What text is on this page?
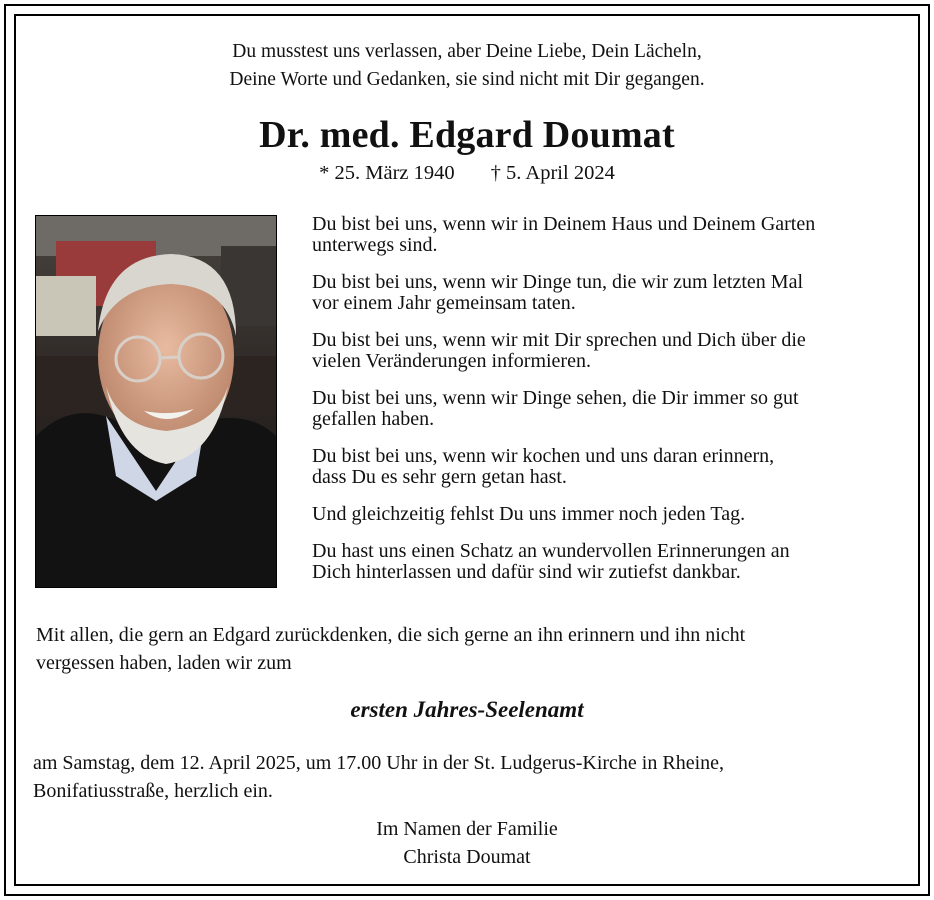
Du musstest uns verlassen, aber Deine Liebe, Dein Lächeln,
Deine Worte und Gedanken, sie sind nicht mit Dir gegangen.
Dr. med. Edgard Doumat
* 25. März 1940 † 5. April 2024

Du bist bei uns, wenn wir in Deinem Haus und Deinem Garten
unterwegs sind.

Du bist bei uns, wenn wir Dinge tun, die wir zum letzten Mal
vor einem Jahr gemeinsam taten.

Du bist bei uns, wenn wir mit Dir sprechen und Dich über die
vielen Veränderungen informieren.

Du bist bei uns, wenn wir Dinge sehen, die Dir immer so gut
gefallen haben.

Du bist bei uns, wenn wir kochen und uns daran erinnern,
dass Du es sehr gern getan hast.

Und gleichzeitig fehlst Du uns immer noch jeden Tag.

Du hast uns einen Schatz an wundervollen Erinnerungen an
Dich hinterlassen und dafür sind wir zutiefst dankbar.

Mit allen, die gern an Edgard zurückdenken, die sich gerne an ihn erinnern und ihn nicht
vergessen haben, laden wir zum
ersten Jahres-Seelenamt
am Samstag, dem 12. April 2025, um 17.00 Uhr in der St. Ludgerus-Kirche in Rheine,
Bonifatiusstraße, herzlich ein.
Im Namen der Familie
Christa Doumat
